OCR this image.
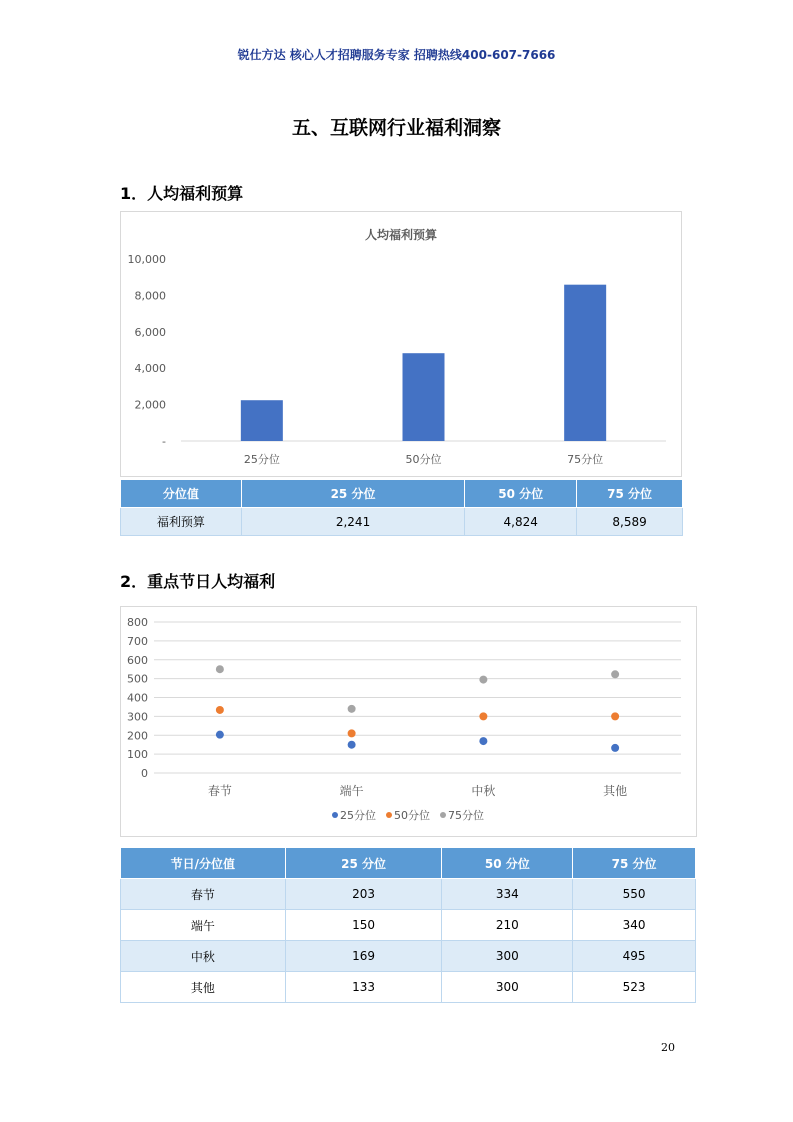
锐仕方达 核心人才招聘服务专家 招聘热线400-607-7666
五、互联网行业福利洞察
1．人均福利预算
人均福利预算
-
2,000
4,000
6,000
8,000
10,000
25分位	50分位	75分位
分位值	25 分位	50 分位	75 分位
福利预算	2,241	4,824	8,589
2．重点节日人均福利
0
100
200
300
400
500
600
700
800
春节	端午	中秋	其他
25分位 50分位 75分位
节日/分位值	25 分位	50 分位	75 分位
春节	203	334	550
端午	150	210	340
中秋	169	300	495
其他	133	300	523
20
